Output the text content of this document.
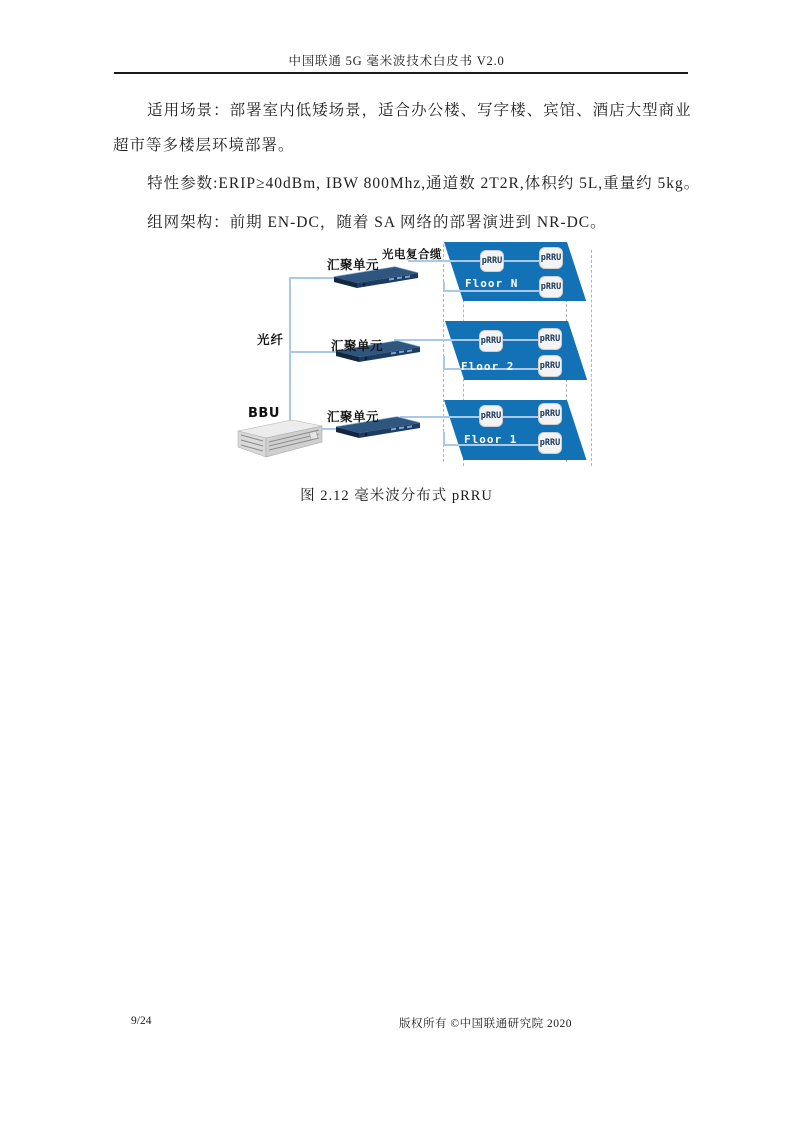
中国联通 5G 毫米波技术白皮书 V2.0

适用场景：部署室内低矮场景，适合办公楼、写字楼、宾馆、酒店大型商业超市等多楼层环境部署。

特性参数:ERIP≥40dBm, IBW 800Mhz,通道数 2T2R,体积约 5L,重量约 5kg。

组网架构：前期 EN-DC，随着 SA 网络的部署演进到 NR-DC。

pRRU	pRRU
pRRU
pRRU	pRRU
pRRU
pRRU	pRRU
pRRU
Floor N
Floor 2
Floor 1
汇聚单元
汇聚单元
汇聚单元
光电复合缆
光纤
BBU
图 2.12 毫米波分布式 pRRU
9/24	版权所有 ©中国联通研究院 2020
